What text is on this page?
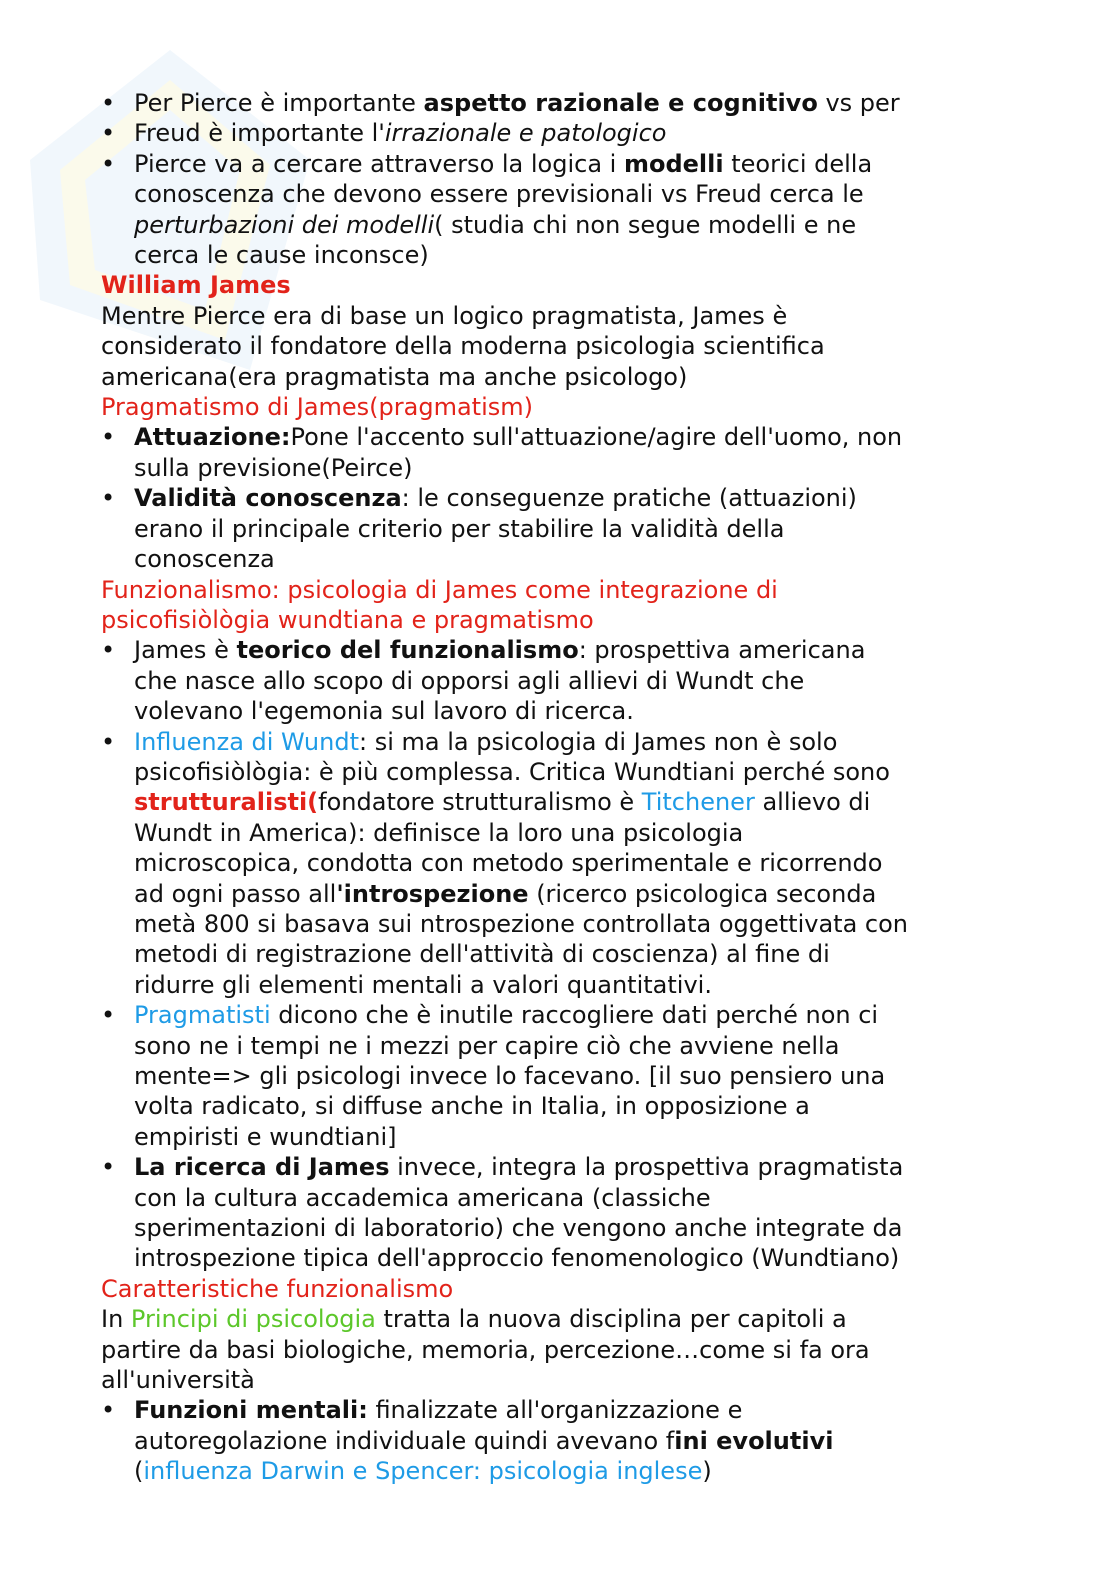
• Per Pierce è importante aspetto razionale e cognitivo vs per
• Freud è importante l'irrazionale e patologico
• Pierce va a cercare attraverso la logica i modelli teorici della
conoscenza che devono essere previsionali vs Freud cerca le
perturbazioni dei modelli( studia chi non segue modelli e ne
cerca le cause inconsce)
William James
Mentre Pierce era di base un logico pragmatista, James è
considerato il fondatore della moderna psicologia scientifica
americana(era pragmatista ma anche psicologo)
Pragmatismo di James(pragmatism)
• Attuazione:Pone l'accento sull'attuazione/agire dell'uomo, non
sulla previsione(Peirce)
• Validità conoscenza: le conseguenze pratiche (attuazioni)
erano il principale criterio per stabilire la validità della
conoscenza
Funzionalismo: psicologia di James come integrazione di
psicofisiòlògia wundtiana e pragmatismo
• James è teorico del funzionalismo: prospettiva americana
che nasce allo scopo di opporsi agli allievi di Wundt che
volevano l'egemonia sul lavoro di ricerca.
• Influenza di Wundt: si ma la psicologia di James non è solo
psicofisiòlògia: è più complessa. Critica Wundtiani perché sono
strutturalisti(fondatore strutturalismo è Titchener allievo di
Wundt in America): definisce la loro una psicologia
microscopica, condotta con metodo sperimentale e ricorrendo
ad ogni passo all'introspezione (ricerco psicologica seconda
metà 800 si basava sui ntrospezione controllata oggettivata con
metodi di registrazione dell'attività di coscienza) al fine di
ridurre gli elementi mentali a valori quantitativi.
• Pragmatisti dicono che è inutile raccogliere dati perché non ci
sono ne i tempi ne i mezzi per capire ciò che avviene nella
mente=> gli psicologi invece lo facevano. [il suo pensiero una
volta radicato, si diffuse anche in Italia, in opposizione a
empiristi e wundtiani]
• La ricerca di James invece, integra la prospettiva pragmatista
con la cultura accademica americana (classiche
sperimentazioni di laboratorio) che vengono anche integrate da
introspezione tipica dell'approccio fenomenologico (Wundtiano)
Caratteristiche funzionalismo
In Principi di psicologia tratta la nuova disciplina per capitoli a
partire da basi biologiche, memoria, percezione…come si fa ora
all'università
• Funzioni mentali: finalizzate all'organizzazione e
autoregolazione individuale quindi avevano fini evolutivi
(influenza Darwin e Spencer: psicologia inglese)
